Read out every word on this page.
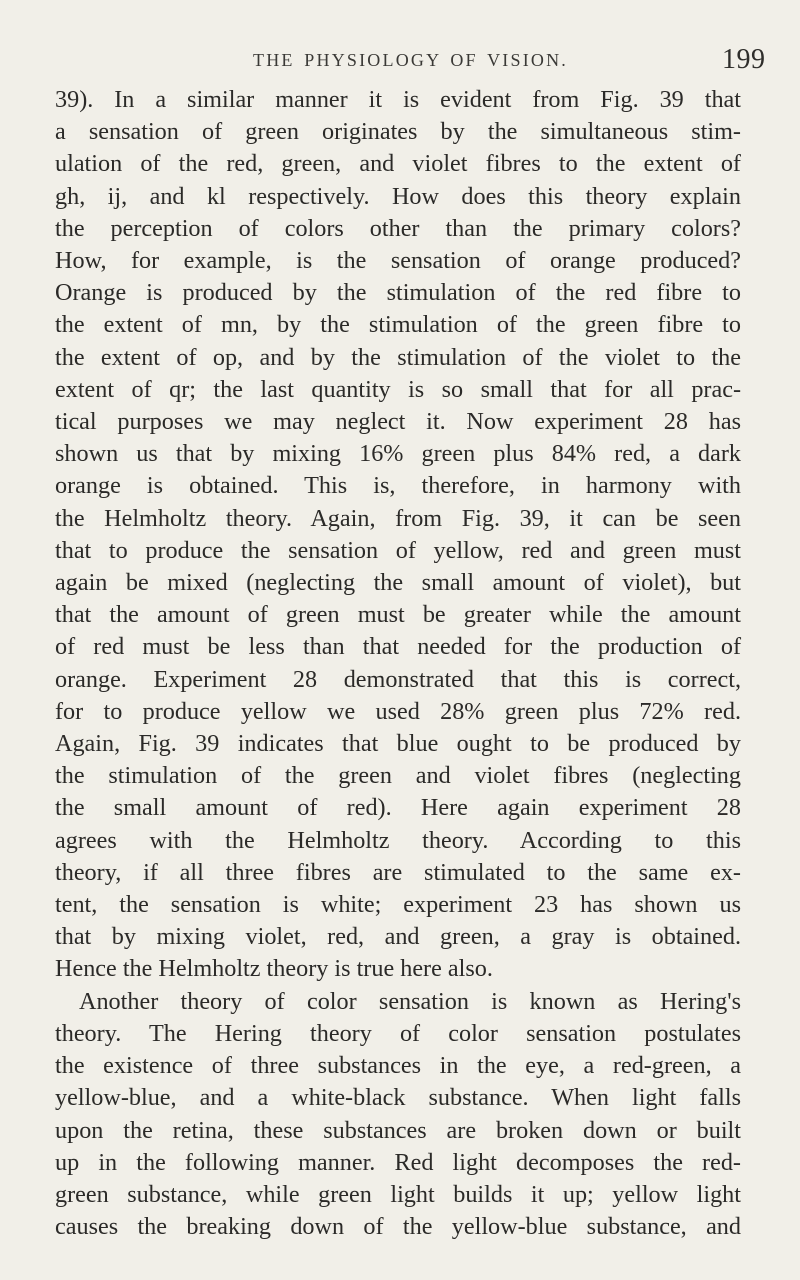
THE PHYSIOLOGY OF VISION.	199

39). In a similar manner it is evident from Fig. 39 that

a sensation of green originates by the simultaneous stim-

ulation of the red, green, and violet fibres to the extent of

gh, ij, and kl respectively. How does this theory explain

the perception of colors other than the primary colors?

How, for example, is the sensation of orange produced?

Orange is produced by the stimulation of the red fibre to

the extent of mn, by the stimulation of the green fibre to

the extent of op, and by the stimulation of the violet to the

extent of qr; the last quantity is so small that for all prac-

tical purposes we may neglect it. Now experiment 28 has

shown us that by mixing 16% green plus 84% red, a dark

orange is obtained. This is, therefore, in harmony with

the Helmholtz theory. Again, from Fig. 39, it can be seen

that to produce the sensation of yellow, red and green must

again be mixed (neglecting the small amount of violet), but

that the amount of green must be greater while the amount

of red must be less than that needed for the production of

orange. Experiment 28 demonstrated that this is correct,

for to produce yellow we used 28% green plus 72% red.

Again, Fig. 39 indicates that blue ought to be produced by

the stimulation of the green and violet fibres (neglecting

the small amount of red). Here again experiment 28

agrees with the Helmholtz theory. According to this

theory, if all three fibres are stimulated to the same ex-

tent, the sensation is white; experiment 23 has shown us

that by mixing violet, red, and green, a gray is obtained.

Hence the Helmholtz theory is true here also.

Another theory of color sensation is known as Hering's

theory. The Hering theory of color sensation postulates

the existence of three substances in the eye, a red-green, a

yellow-blue, and a white-black substance. When light falls

upon the retina, these substances are broken down or built

up in the following manner. Red light decomposes the red-

green substance, while green light builds it up; yellow light

causes the breaking down of the yellow-blue substance, and
